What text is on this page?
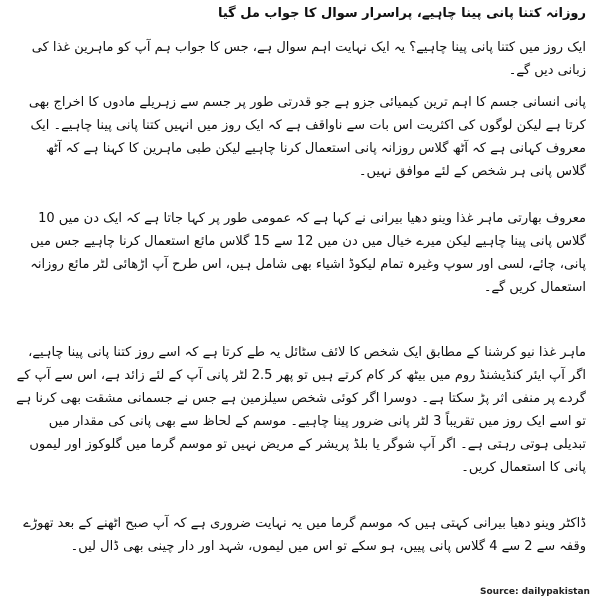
روزانہ کتنا پانی پینا چاہیے، پراسرار سوال کا جواب مل گیا

ایک روز میں کتنا پانی پینا چاہیے؟ یہ ایک نہایت اہم سوال ہے، جس کا جواب ہم آپ کو ماہرین غذا کی زبانی دیں گے۔

پانی انسانی جسم کا اہم ترین کیمیائی جزو ہے جو قدرتی طور پر جسم سے زہریلے مادوں کا اخراج بھی کرتا ہے لیکن لوگوں کی اکثریت اس بات سے ناواقف ہے کہ ایک روز میں انہیں کتنا پانی پینا چاہیے۔ ایک معروف کہانی ہے کہ آٹھ گلاس روزانہ پانی استعمال کرنا چاہیے لیکن طبی ماہرین کا کہنا ہے کہ آٹھ گلاس پانی ہر شخص کے لئے موافق نہیں۔

معروف بھارتی ماہر غذا وینو دھیا بیرانی نے کہا ہے کہ عمومی طور پر کہا جاتا ہے کہ ایک دن میں 10 گلاس پانی پینا چاہیے لیکن میرے خیال میں دن میں 12 سے 15 گلاس مائع استعمال کرنا چاہیے جس میں پانی، چائے، لسی اور سوپ وغیرہ تمام لیکوڈ اشیاء بھی شامل ہیں، اس طرح آپ اڑھائی لٹر مائع روزانہ استعمال کریں گے۔

ماہر غذا نیو کرشنا کے مطابق ایک شخص کا لائف سٹائل یہ طے کرتا ہے کہ اسے روز کتنا پانی پینا چاہیے، اگر آپ ایئر کنڈیشنڈ روم میں بیٹھ کر کام کرتے ہیں تو پھر 2.5 لٹر پانی آپ کے لئے زائد ہے، اس سے آپ کے گردے پر منفی اثر پڑ سکتا ہے۔ دوسرا اگر کوئی شخص سیلزمین ہے جس نے جسمانی مشقت بھی کرنا ہے تو اسے ایک روز میں تقریباً 3 لٹر پانی ضرور پینا چاہیے۔ موسم کے لحاظ سے بھی پانی کی مقدار میں تبدیلی ہوتی رہتی ہے۔ اگر آپ شوگر یا بلڈ پریشر کے مریض نہیں تو موسم گرما میں گلوکوز اور لیموں پانی کا استعمال کریں۔

ڈاکٹر وینو دھیا بیرانی کہتی ہیں کہ موسم گرما میں یہ نہایت ضروری ہے کہ آپ صبح اٹھنے کے بعد تھوڑے وقفہ سے 2 سے 4 گلاس پانی پییں، ہو سکے تو اس میں لیموں، شہد اور دار چینی بھی ڈال لیں۔

Source: dailypakistan
